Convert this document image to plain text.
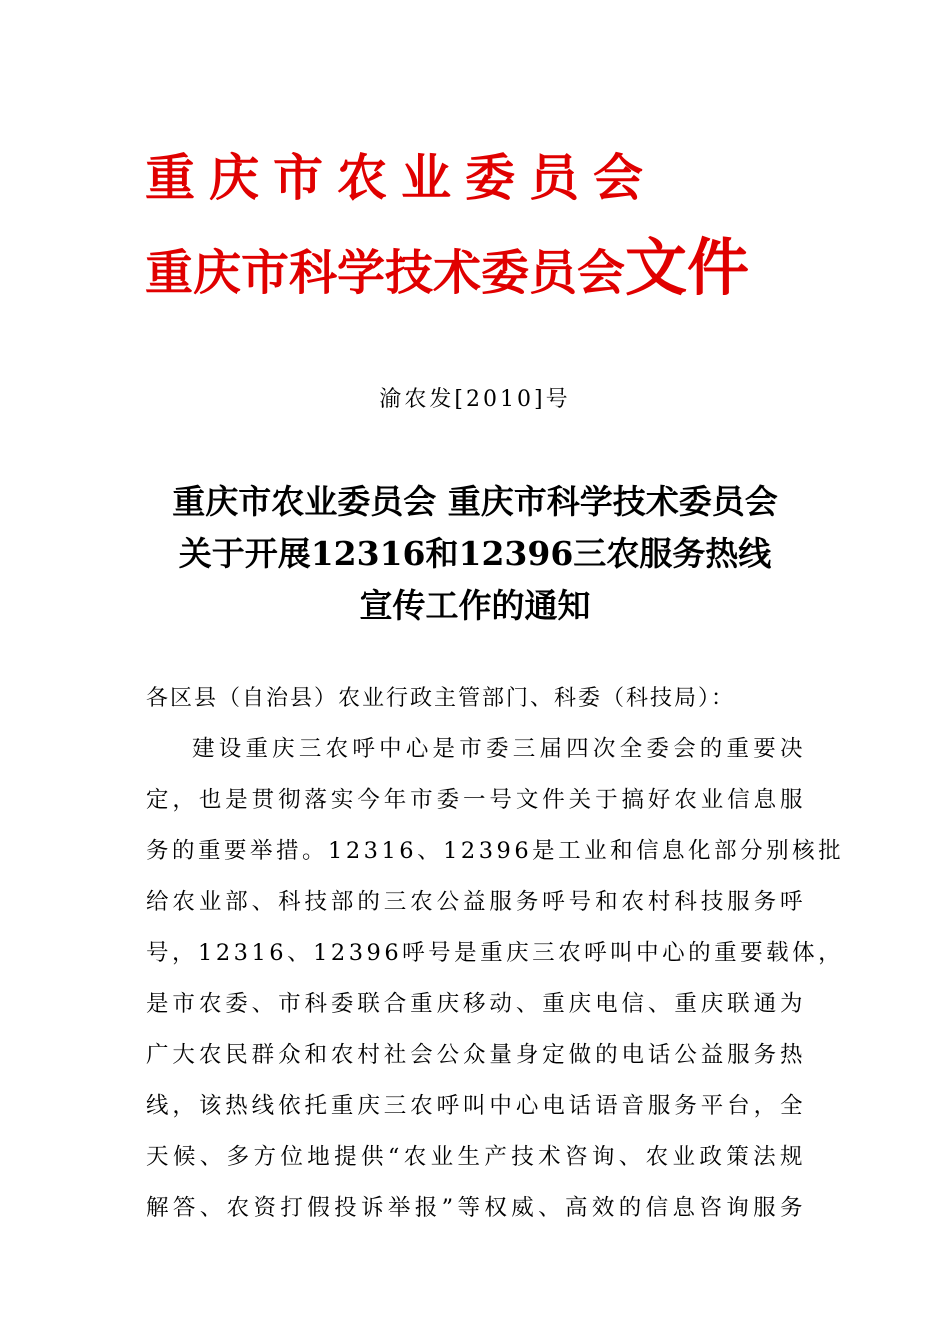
重庆市农业委员会
重庆市科学技术委员会文件
渝农发[2010]号
重庆市农业委员会 重庆市科学技术委员会
关于开展12316和12396三农服务热线
宣传工作的通知
各区县（自治县）农业行政主管部门、科委（科技局）：
建设重庆三农呼中心是市委三届四次全委会的重要决
定，也是贯彻落实今年市委一号文件关于搞好农业信息服
务的重要举措。12316、12396是工业和信息化部分别核批
给农业部、科技部的三农公益服务呼号和农村科技服务呼
号，12316、12396呼号是重庆三农呼叫中心的重要载体，
是市农委、市科委联合重庆移动、重庆电信、重庆联通为
广大农民群众和农村社会公众量身定做的电话公益服务热
线，该热线依托重庆三农呼叫中心电话语音服务平台，全
天候、多方位地提供“农业生产技术咨询、农业政策法规
解答、农资打假投诉举报”等权威、高效的信息咨询服务
